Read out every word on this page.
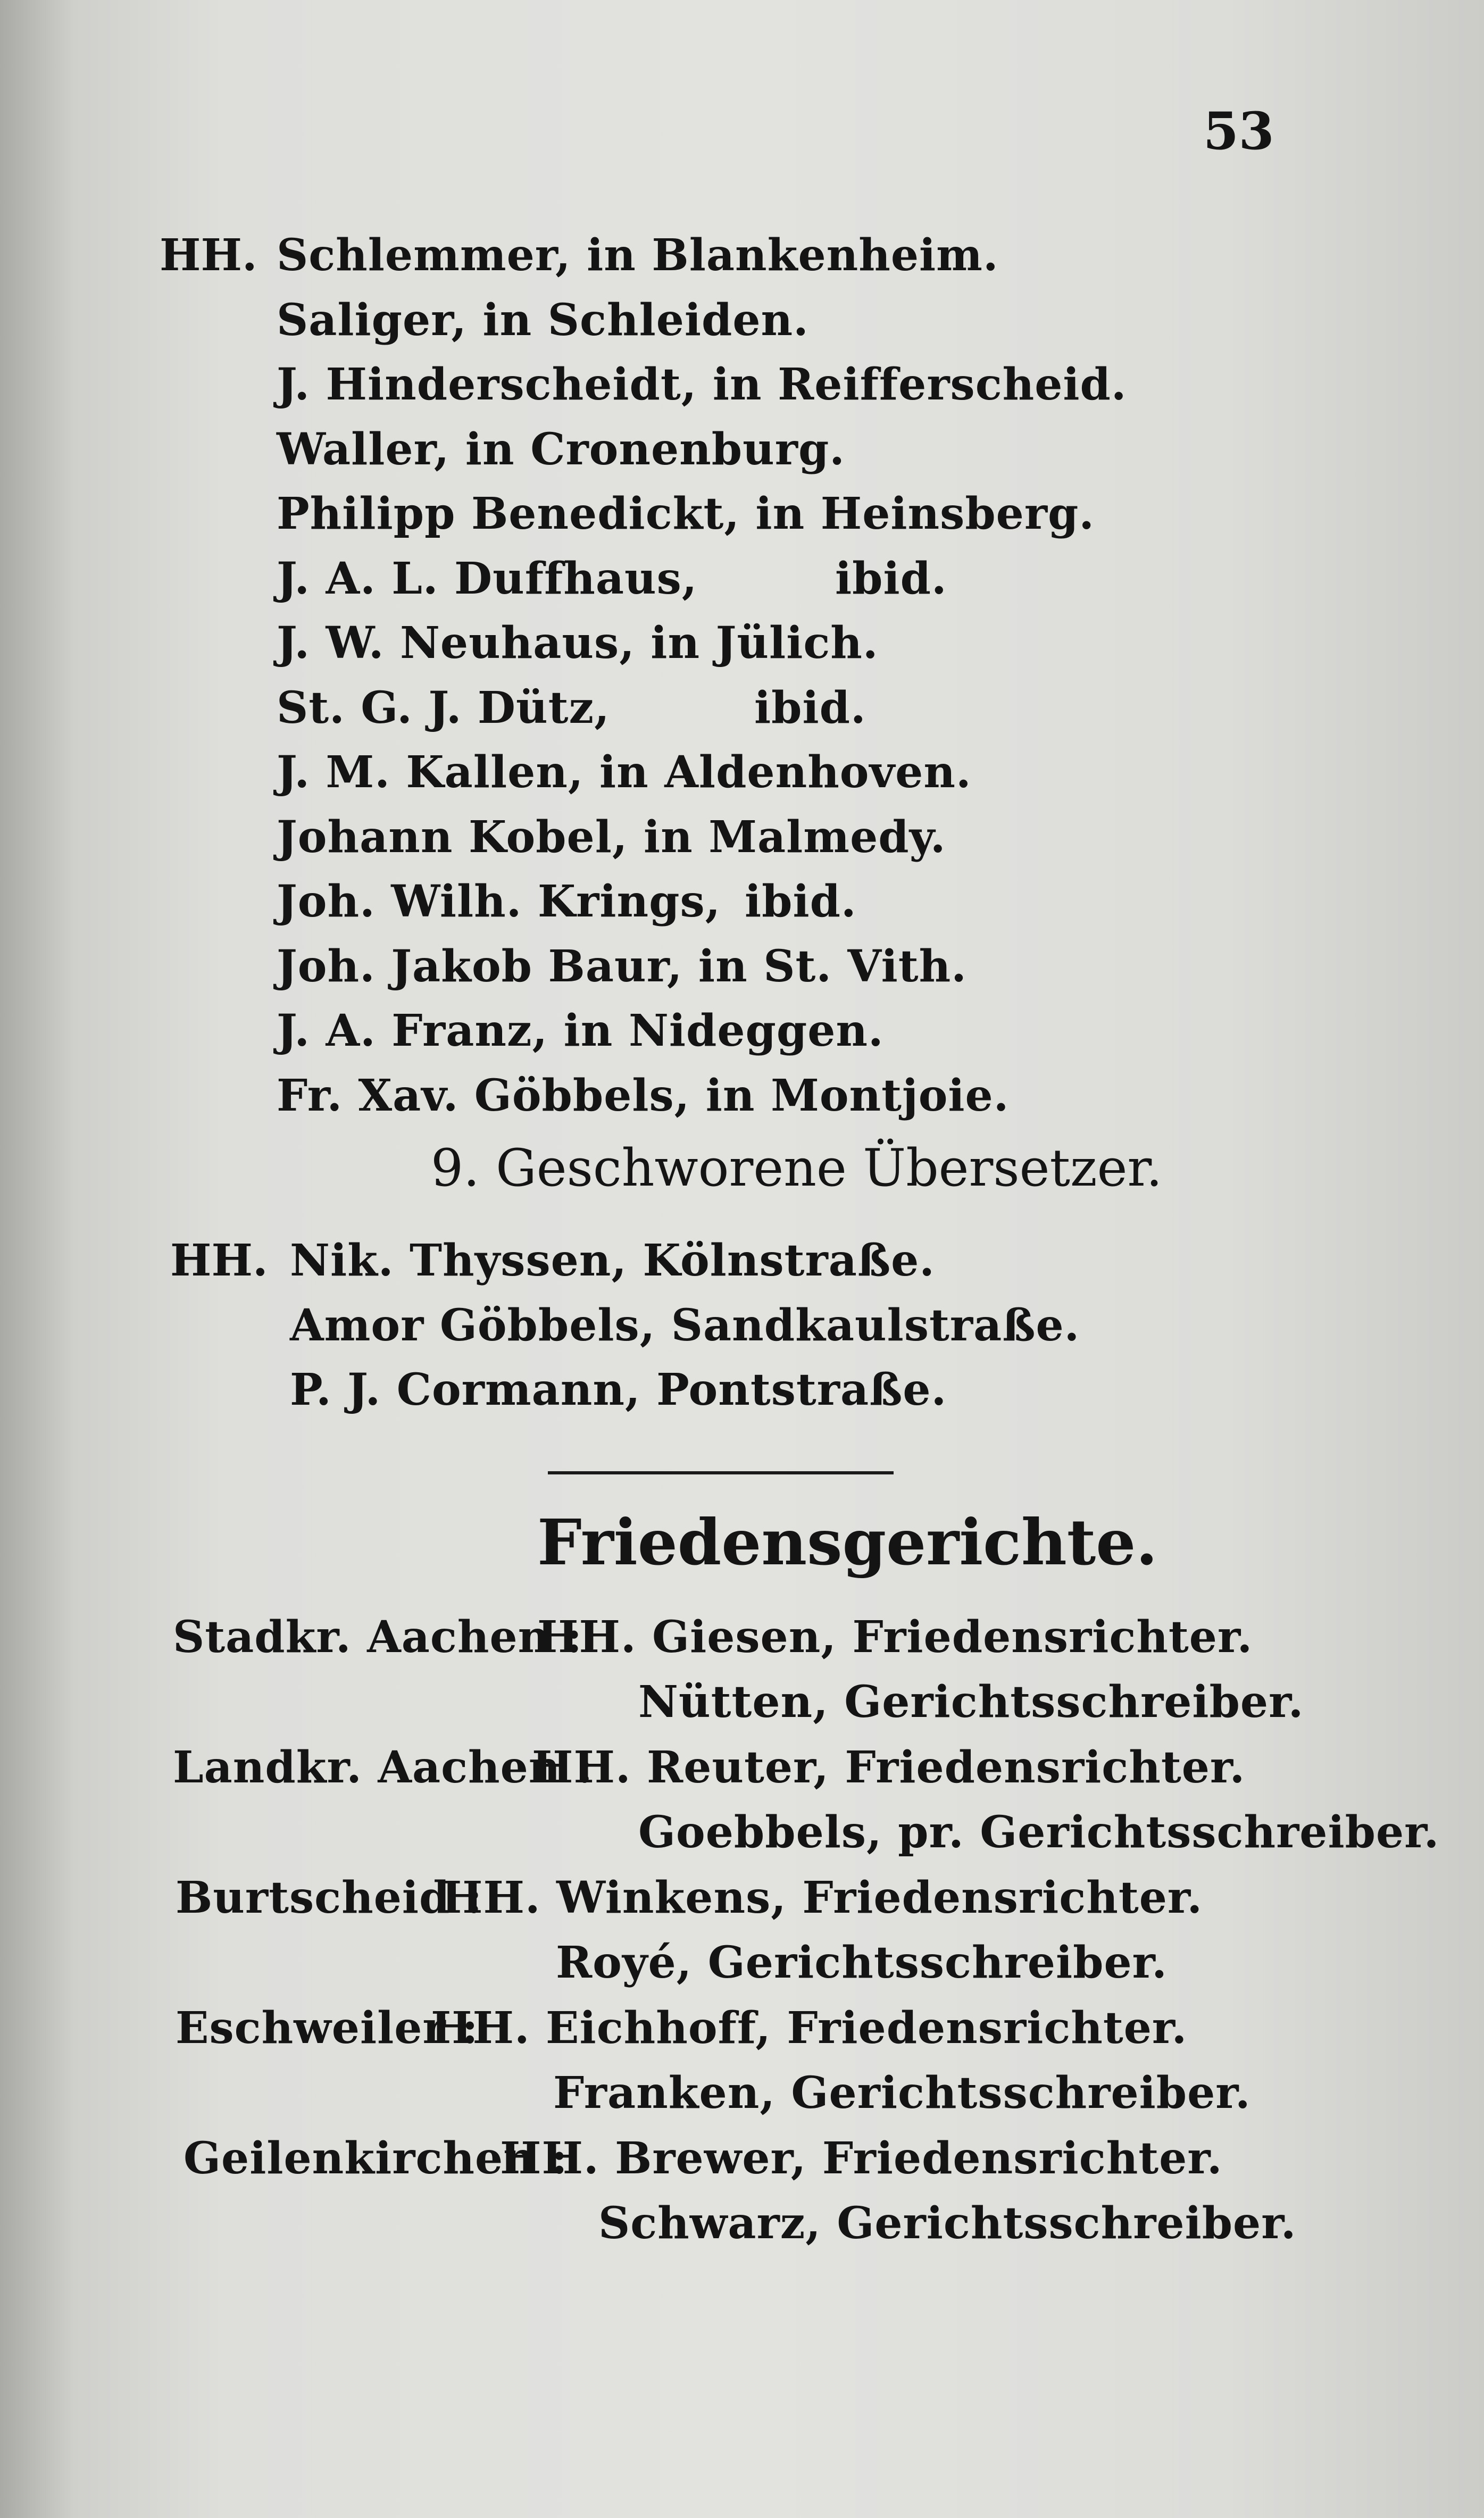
53
HH. Schlemmer, in Blankenheim.
Saliger, in Schleiden.
J. Hinderscheidt, in Reifferscheid.
Waller, in Cronenburg.
Philipp Benedickt, in Heinsberg.
J. A. L. Duffhaus,	ibid.
J. W. Neuhaus, in Jülich.
St. G. J. Dütz,	ibid.
J. M. Kallen, in Aldenhoven.
Johann Kobel, in Malmedy.
Joh. Wilh. Krings, ibid.
Joh. Jakob Baur, in St. Vith.
J. A. Franz, in Nideggen.
Fr. Xav. Göbbels, in Montjoie.
9. Geschworene Übersetzer.
HH. Nik. Thyssen, Kölnstraße.
Amor Göbbels, Sandkaulstraße.
P. J. Cormann, Pontstraße.
Friedensgerichte.
Stadkr. Aachen :
HH. Giesen, Friedensrichter.
Nütten, Gerichtsschreiber.
Landkr. Aachen :
HH. Reuter, Friedensrichter.
Goebbels, pr. Gerichtsschreiber.
Burtscheid :
HH. Winkens, Friedensrichter.
Royé, Gerichtsschreiber.
Eschweiler :
HH. Eichhoff, Friedensrichter.
Franken, Gerichtsschreiber.
Geilenkirchen :
HH. Brewer, Friedensrichter.
Schwarz, Gerichtsschreiber.
